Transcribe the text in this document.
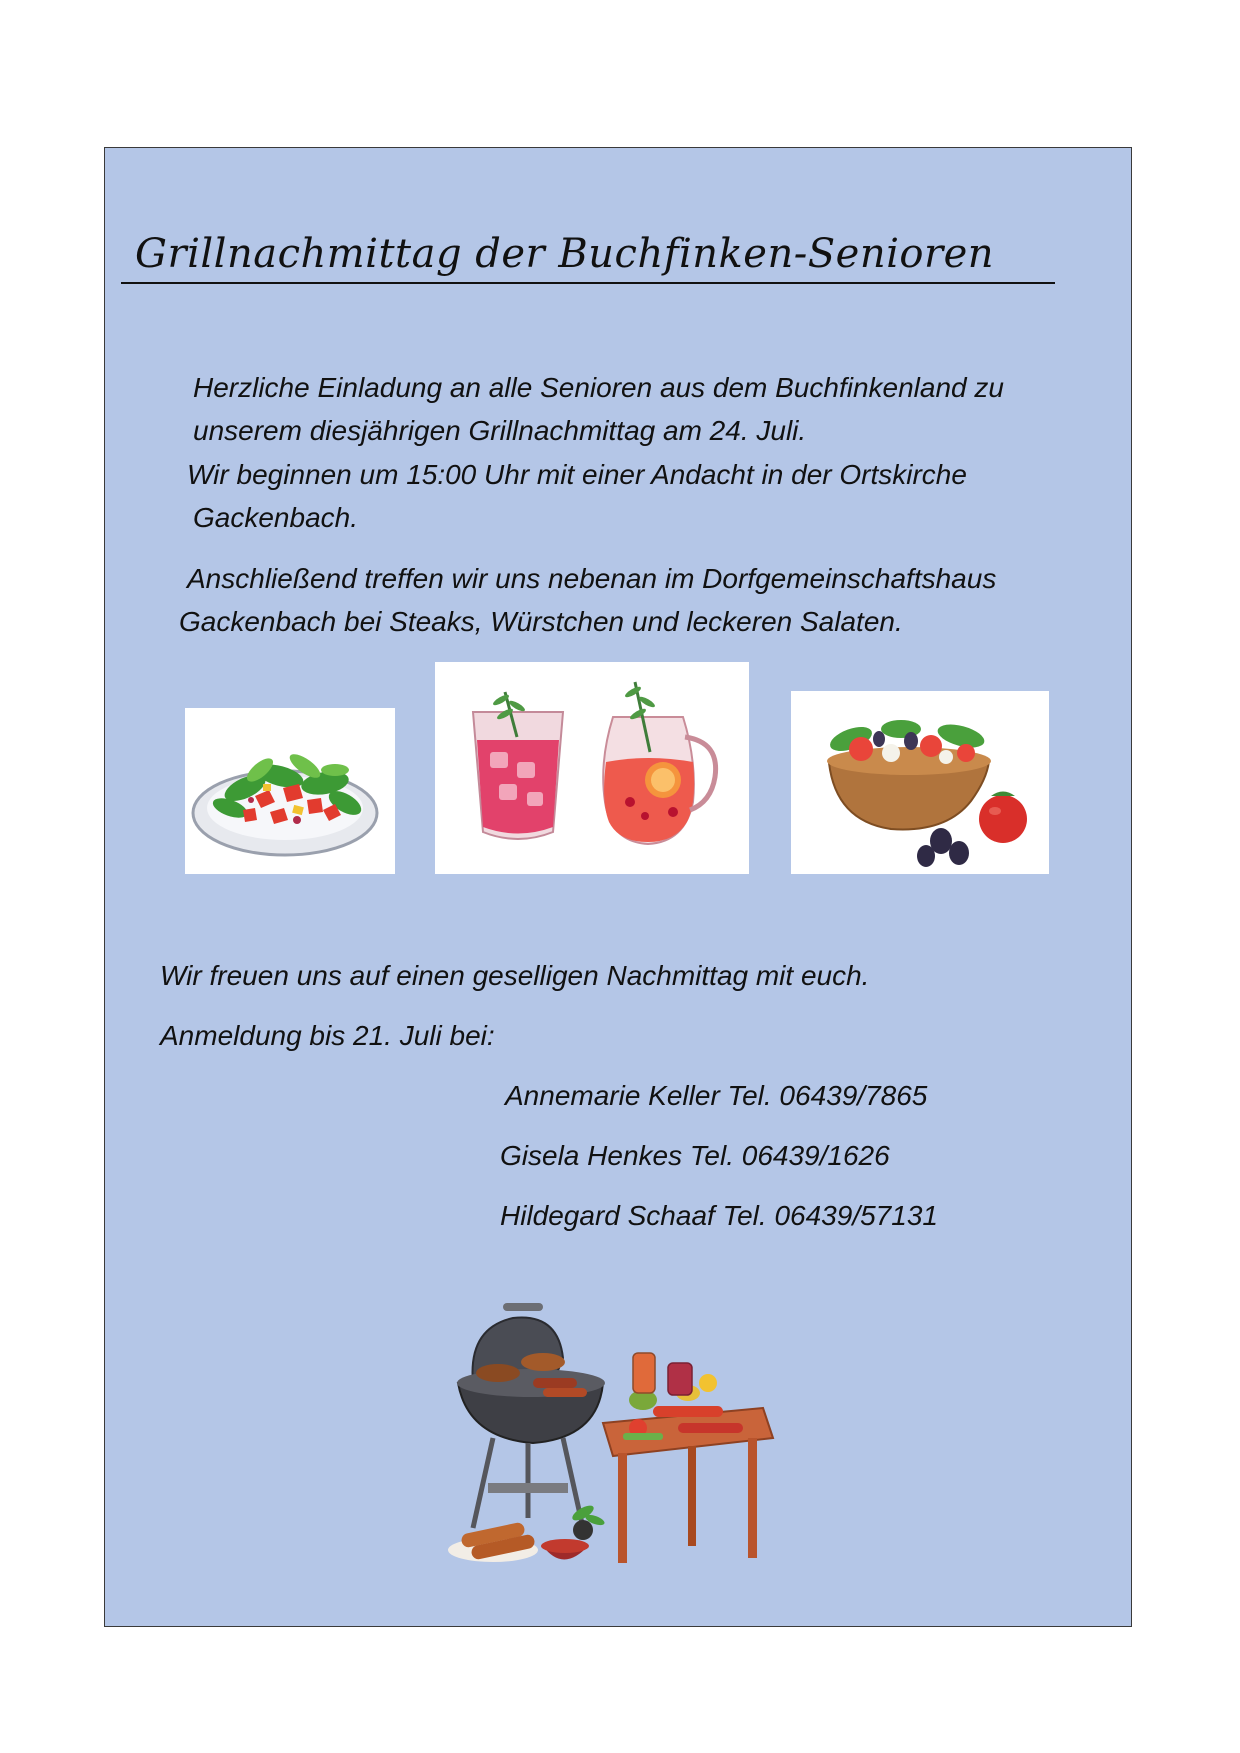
Grillnachmittag der Buchfinken-Senioren

Herzliche Einladung an alle Senioren aus dem Buchfinkenland zu

unserem diesjährigen Grillnachmittag am 24. Juli.

Wir beginnen um 15:00 Uhr mit einer Andacht in der Ortskirche

Gackenbach.

Anschließend treffen wir uns nebenan im Dorfgemeinschaftshaus

Gackenbach bei Steaks, Würstchen und leckeren Salaten.

Wir freuen uns auf einen geselligen Nachmittag mit euch.

Anmeldung bis 21. Juli bei:

Annemarie Keller Tel. 06439/7865

Gisela Henkes Tel. 06439/1626

Hildegard Schaaf Tel. 06439/57131
